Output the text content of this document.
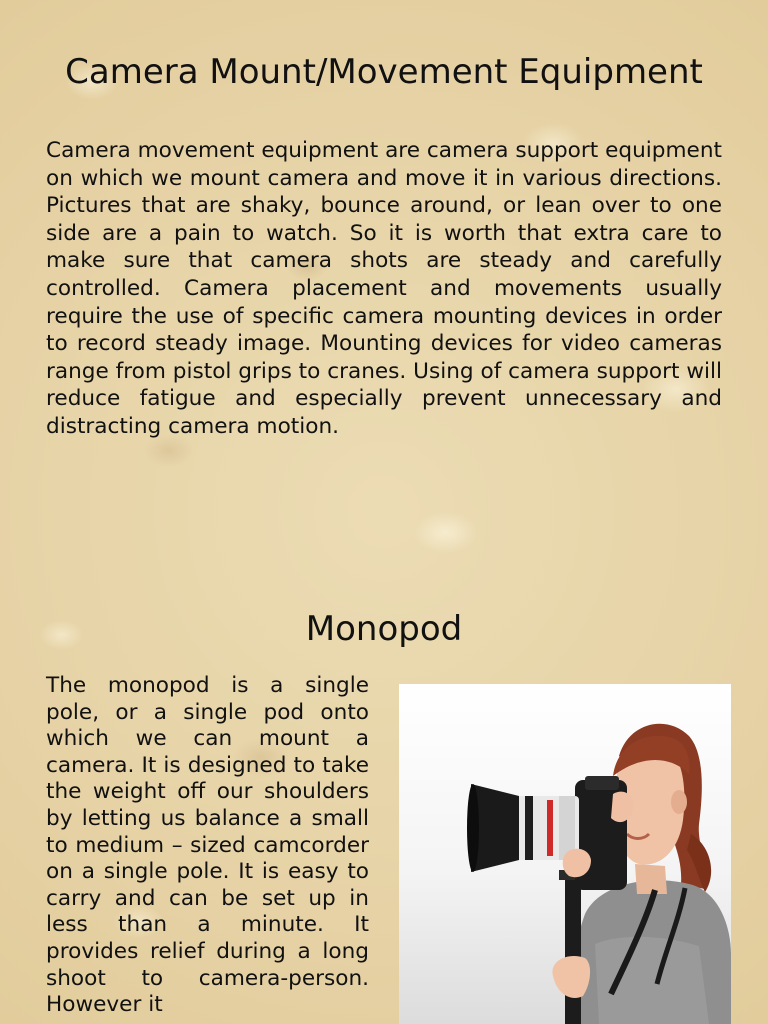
Camera Mount/Movement Equipment

Camera movement equipment are camera support equipment on which we mount camera and move it in various directions. Pictures that are shaky, bounce around, or lean over to one side are a pain to watch. So it is worth that extra care to make sure that camera shots are steady and carefully controlled. Camera placement and movements usually require the use of specific camera mounting devices in order to record steady image. Mounting devices for video cameras range from pistol grips to cranes. Using of camera support will reduce fatigue and especially prevent unnecessary and distracting camera motion.

Monopod

The monopod is a single pole, or a single pod onto which we can mount a camera. It is designed to take the weight off our shoulders by letting us balance a small to medium – sized camcorder on a single pole. It is easy to carry and can be set up in less than a minute. It provides relief during a long shoot to camera-person. However it
